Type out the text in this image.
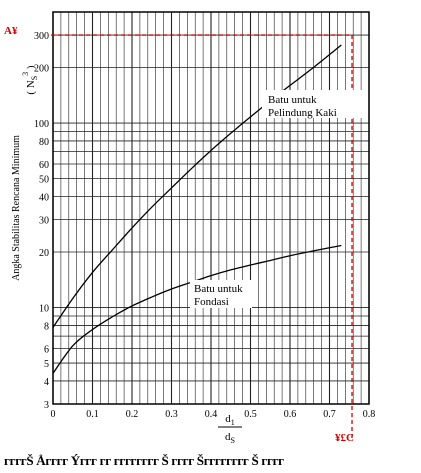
A¥
¥£C
3
4
5
6
8
10
20
30
40
50
60
80
100
200
300
0	0.1	0.2	0.3	0.4	0.5	0.6	0.7	0.8
Angka Stabilitas Rencana Minimum
( $N_S^3$ )
$d_1$
$d_S$
Batu untuk
Pelindung Kaki
Batu untuk
Fondasi
ггггŠ Åгггг Ýггг гг гггггггг Š гггг Šгггггггг Š гггг
